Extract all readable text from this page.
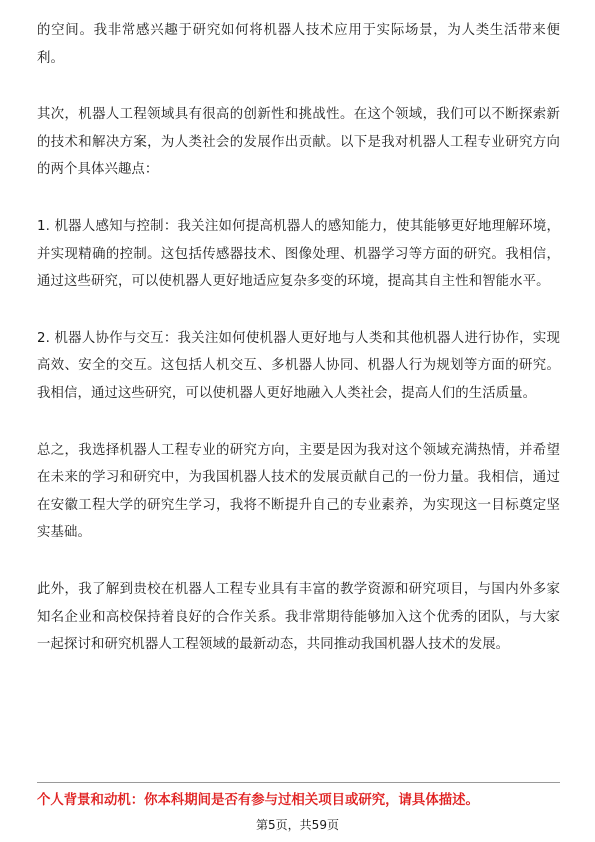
的空间。我非常感兴趣于研究如何将机器人技术应用于实际场景，为人类生活带来便利。

其次，机器人工程领域具有很高的创新性和挑战性。在这个领域，我们可以不断探索新的技术和解决方案，为人类社会的发展作出贡献。以下是我对机器人工程专业研究方向的两个具体兴趣点：

1. 机器人感知与控制：我关注如何提高机器人的感知能力，使其能够更好地理解环境，并实现精确的控制。这包括传感器技术、图像处理、机器学习等方面的研究。我相信，通过这些研究，可以使机器人更好地适应复杂多变的环境，提高其自主性和智能水平。

2. 机器人协作与交互：我关注如何使机器人更好地与人类和其他机器人进行协作，实现高效、安全的交互。这包括人机交互、多机器人协同、机器人行为规划等方面的研究。我相信，通过这些研究，可以使机器人更好地融入人类社会，提高人们的生活质量。

总之，我选择机器人工程专业的研究方向，主要是因为我对这个领域充满热情，并希望在未来的学习和研究中，为我国机器人技术的发展贡献自己的一份力量。我相信，通过在安徽工程大学的研究生学习，我将不断提升自己的专业素养，为实现这一目标奠定坚实基础。

此外，我了解到贵校在机器人工程专业具有丰富的教学资源和研究项目，与国内外多家知名企业和高校保持着良好的合作关系。我非常期待能够加入这个优秀的团队，与大家一起探讨和研究机器人工程领域的最新动态，共同推动我国机器人技术的发展。

个人背景和动机：你本科期间是否有参与过相关项目或研究，请具体描述。

第5页，共59页
